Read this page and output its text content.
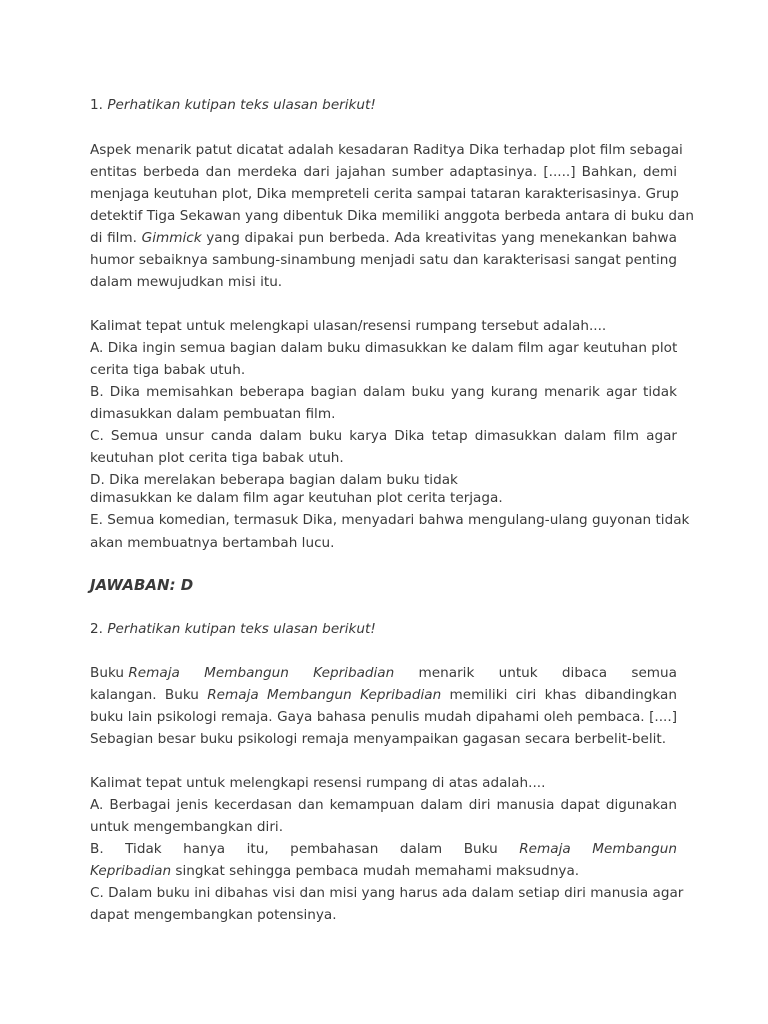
1. Perhatikan kutipan teks ulasan berikut!
Aspek menarik patut dicatat adalah kesadaran Raditya Dika terhadap plot film sebagai
entitas berbeda dan merdeka dari jajahan sumber adaptasinya. [.....] Bahkan, demi
menjaga keutuhan plot, Dika mempreteli cerita sampai tataran karakterisasinya. Grup
detektif Tiga Sekawan yang dibentuk Dika memiliki anggota berbeda antara di buku dan
di film. Gimmick yang dipakai pun berbeda. Ada kreativitas yang menekankan bahwa
humor sebaiknya sambung-sinambung menjadi satu dan karakterisasi sangat penting
dalam mewujudkan misi itu.
Kalimat tepat untuk melengkapi ulasan/resensi rumpang tersebut adalah....
A. Dika ingin semua bagian dalam buku dimasukkan ke dalam film agar keutuhan plot
cerita tiga babak utuh.
B. Dika memisahkan beberapa bagian dalam buku yang kurang menarik agar tidak
dimasukkan dalam pembuatan film.
C. Semua unsur canda dalam buku karya Dika tetap dimasukkan dalam film agar
keutuhan plot cerita tiga babak utuh.
D. Dika merelakan beberapa bagian dalam buku tidak
dimasukkan ke dalam film agar keutuhan plot cerita terjaga.
E. Semua komedian, termasuk Dika, menyadari bahwa mengulang-ulang guyonan tidak
akan membuatnya bertambah lucu.
JAWABAN: D
2. Perhatikan kutipan teks ulasan berikut!
Buku Remaja Membangun Kepribadian menarik untuk dibaca semua
kalangan. Buku Remaja Membangun Kepribadian memiliki ciri khas dibandingkan
buku lain psikologi remaja. Gaya bahasa penulis mudah dipahami oleh pembaca. [....]
Sebagian besar buku psikologi remaja menyampaikan gagasan secara berbelit-belit.
Kalimat tepat untuk melengkapi resensi rumpang di atas adalah....
A. Berbagai jenis kecerdasan dan kemampuan dalam diri manusia dapat digunakan
untuk mengembangkan diri.
B. Tidak hanya itu, pembahasan dalam Buku Remaja Membangun
Kepribadian singkat sehingga pembaca mudah memahami maksudnya.
C. Dalam buku ini dibahas visi dan misi yang harus ada dalam setiap diri manusia agar
dapat mengembangkan potensinya.
